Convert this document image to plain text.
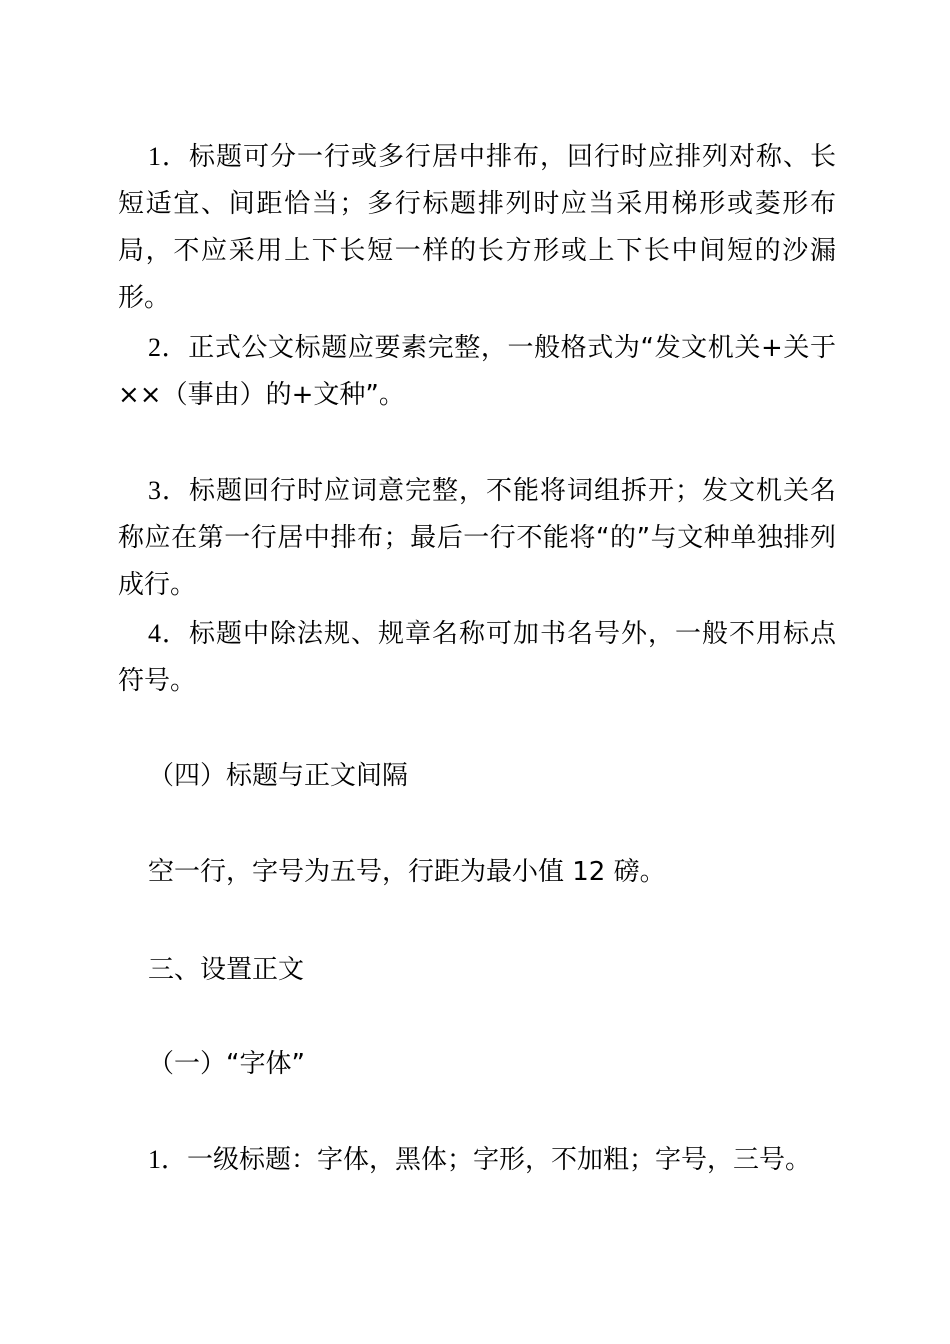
1．标题可分一行或多行居中排布，回行时应排列对称、长短适宜、间距恰当；多行标题排列时应当采用梯形或菱形布局，不应采用上下长短一样的长方形或上下长中间短的沙漏形。

2．正式公文标题应要素完整，一般格式为“发文机关+关于××（事由）的+文种”。

3．标题回行时应词意完整，不能将词组拆开；发文机关名称应在第一行居中排布；最后一行不能将“的”与文种单独排列成行。

4．标题中除法规、规章名称可加书名号外，一般不用标点符号。

（四）标题与正文间隔

空一行，字号为五号，行距为最小值 12 磅。

三、设置正文

（一）“字体”

1．一级标题：字体，黑体；字形，不加粗；字号，三号。
